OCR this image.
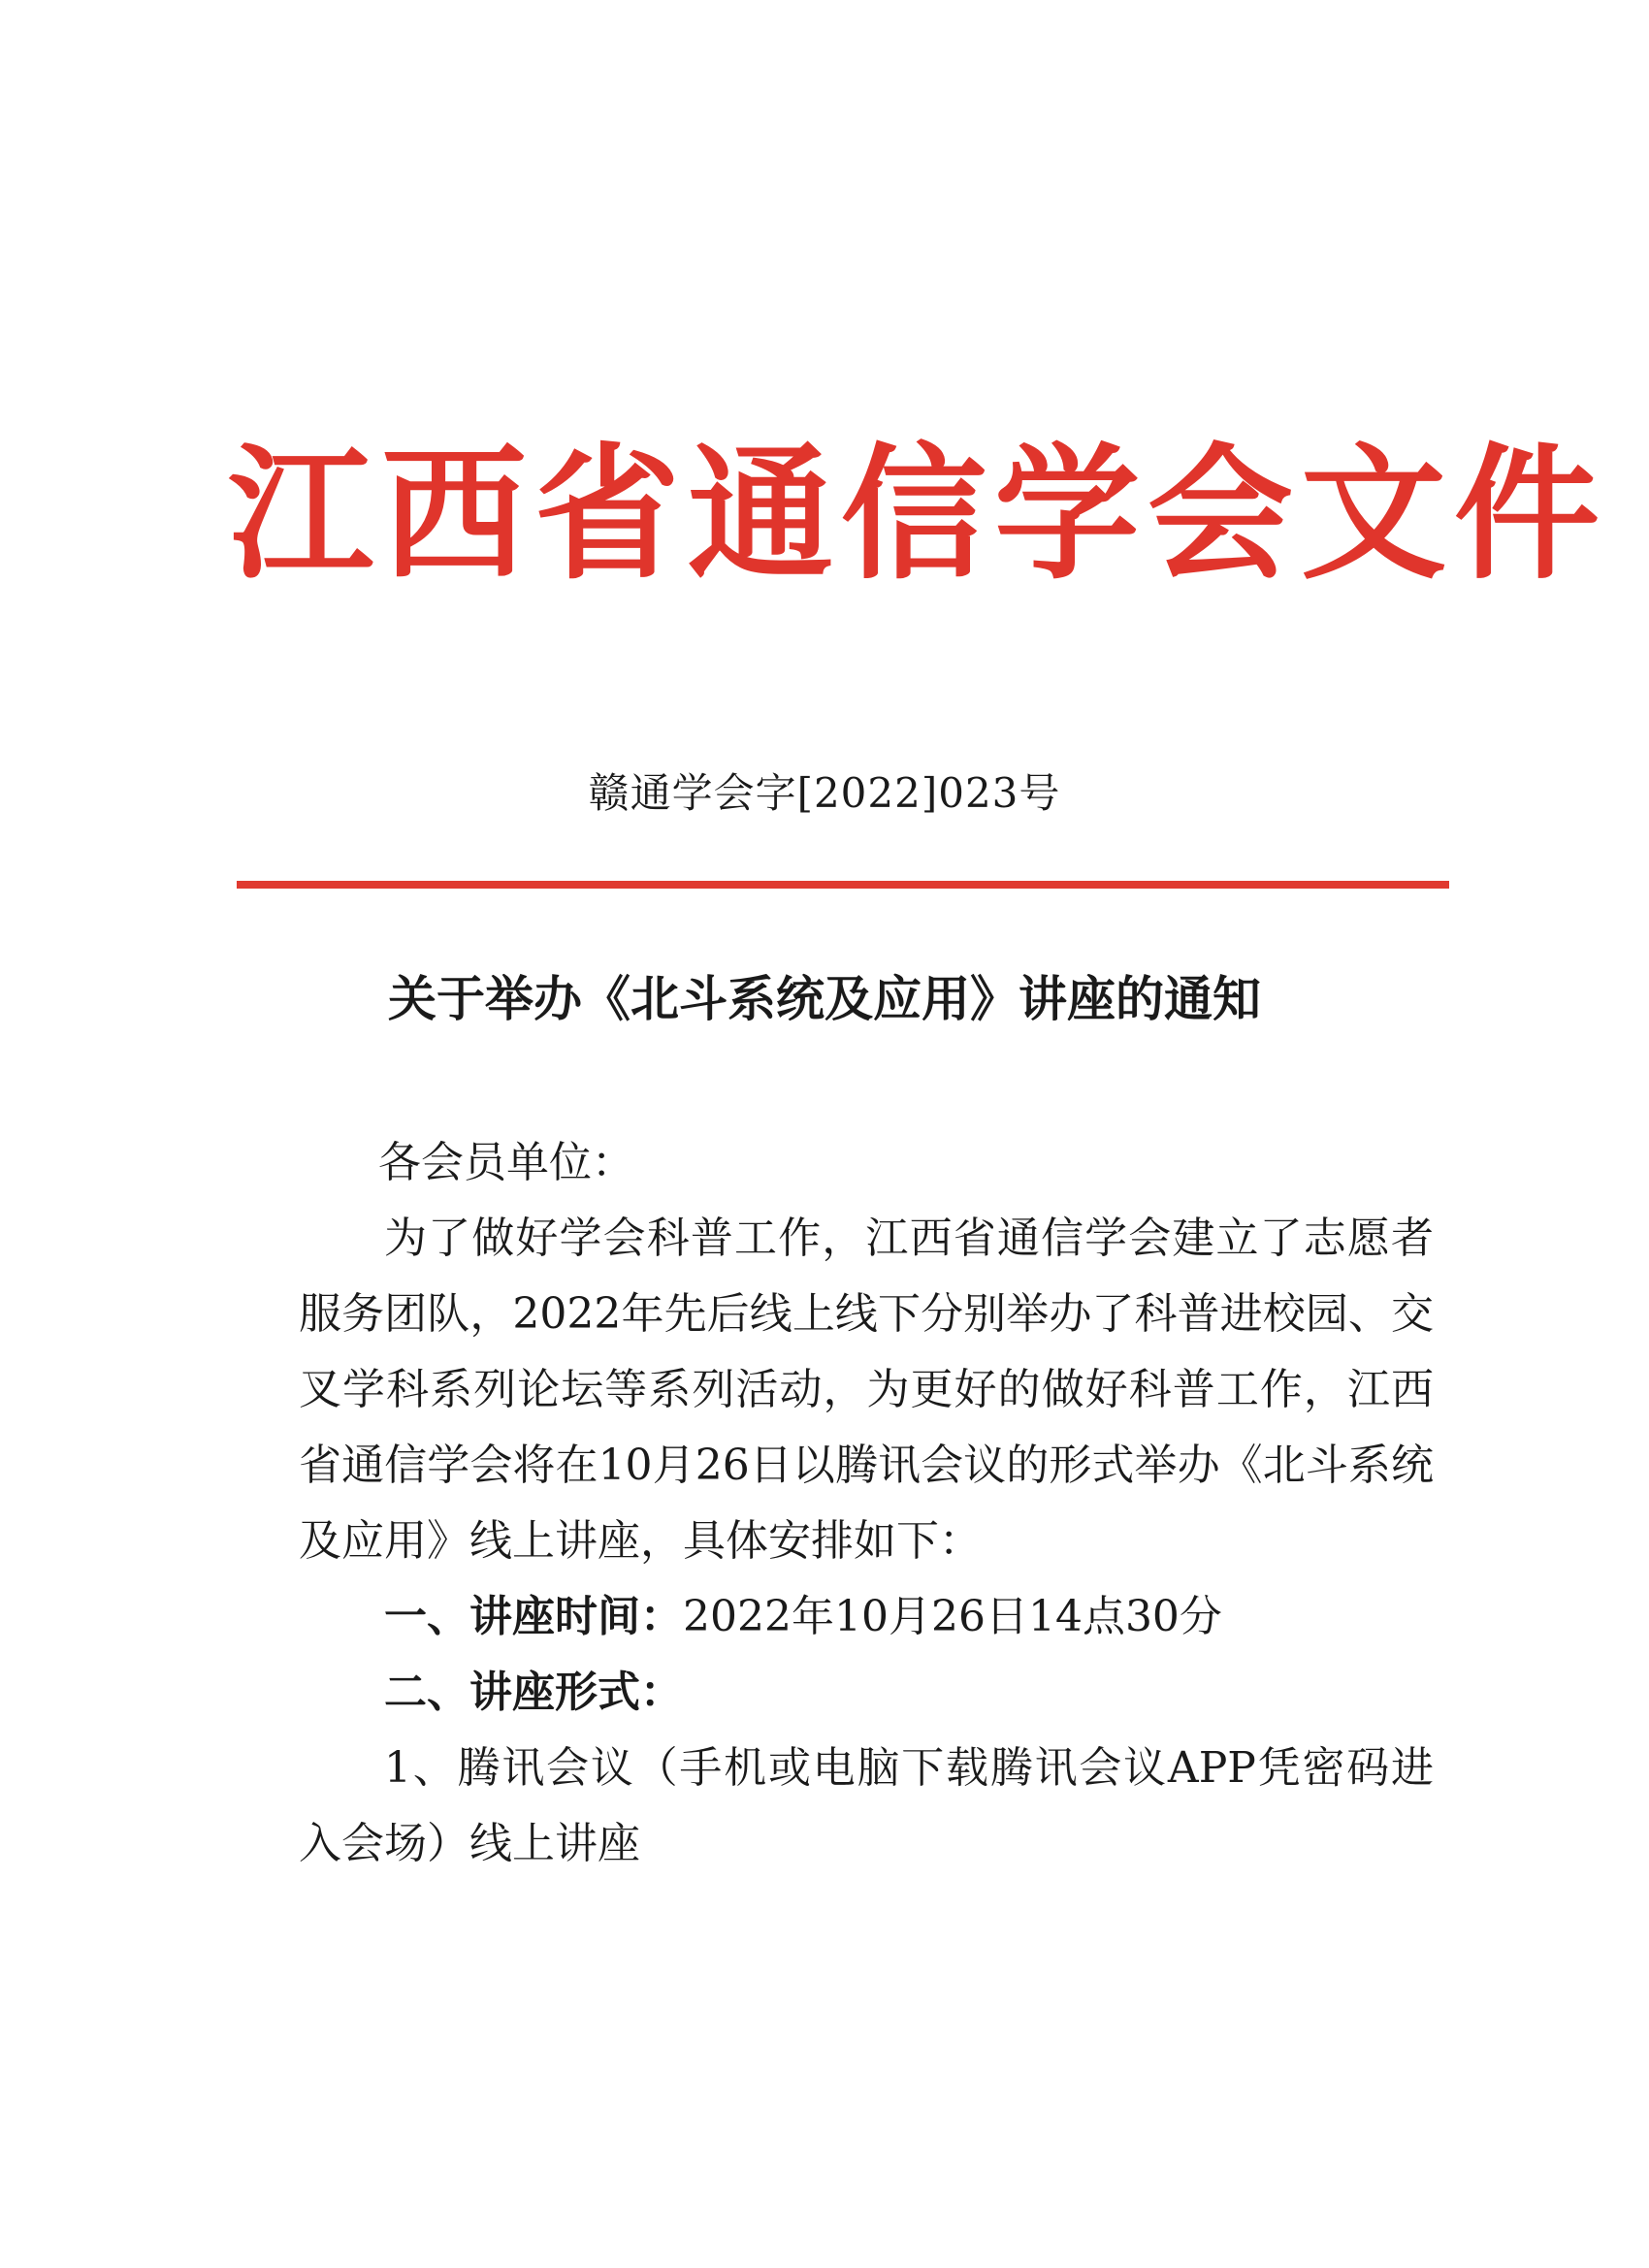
江西省通信学会文件
赣通学会字[2022]023号
关于举办《北斗系统及应用》讲座的通知

各会员单位：

为了做好学会科普工作，江西省通信学会建立了志愿者服务团队，2022年先后线上线下分别举办了科普进校园、交叉学科系列论坛等系列活动，为更好的做好科普工作，江西省通信学会将在10月26日以腾讯会议的形式举办《北斗系统及应用》线上讲座，具体安排如下：

一、讲座时间：2022年10月26日14点30分

二、讲座形式：

1、腾讯会议（手机或电脑下载腾讯会议APP凭密码进入会场）线上讲座
